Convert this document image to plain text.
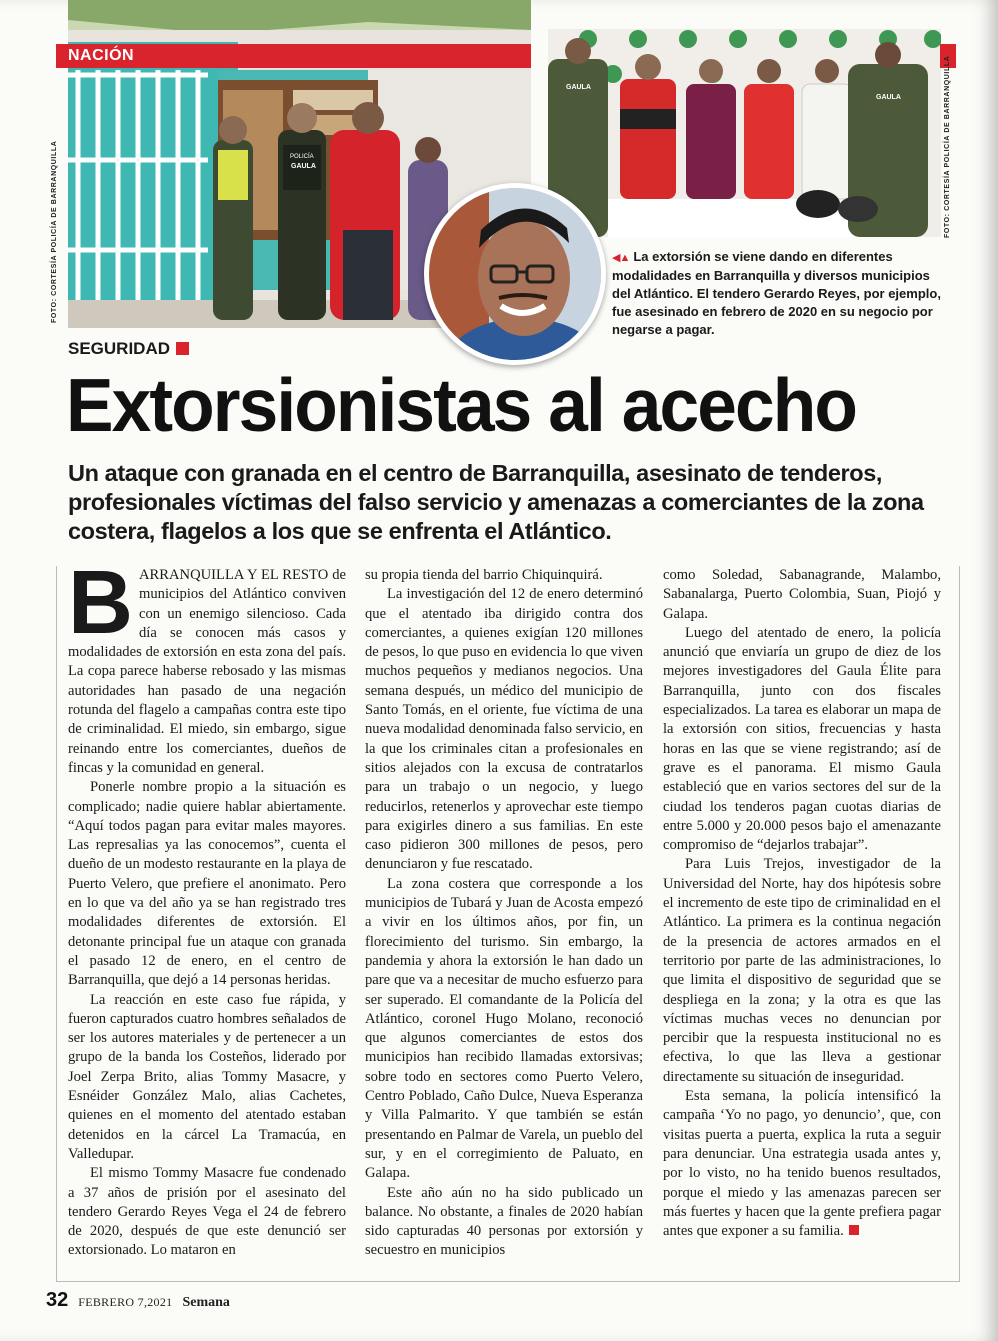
POLICÍA
GAULA
GAULA
GAULA
NACIÓN
FOTO: CORTESÍA POLICÍA DE BARRANQUILLA	FOTO: CORTESÍA POLICÍA DE BARRANQUILLA
◀▲ La extorsión se viene dando en diferentes modalidades en Barranquilla y diversos municipios del Atlántico. El tendero Gerardo Reyes, por ejemplo, fue asesinado en febrero de 2020 en su negocio por negarse a pagar.
SEGURIDAD
Extorsionistas al acecho
Un ataque con granada en el centro de Barranquilla, asesinato de tenderos, profesionales víctimas del falso servicio y amenazas a comerciantes de la zona costera, flagelos a los que se enfrenta el Atlántico.

BARRANQUILLA Y EL RESTO de municipios del Atlántico conviven con un enemigo silencioso. Cada día se conocen más casos y modalidades de extorsión en esta zona del país. La copa parece haberse rebosado y las mismas autoridades han pasado de una negación rotunda del flagelo a campañas contra este tipo de criminalidad. El miedo, sin embargo, sigue reinando entre los comerciantes, dueños de fincas y la comunidad en general.

Ponerle nombre propio a la situación es complicado; nadie quiere hablar abiertamente. “Aquí todos pagan para evitar males mayores. Las represalias ya las conocemos”, cuenta el dueño de un modesto restaurante en la playa de Puerto Velero, que prefiere el anonimato. Pero en lo que va del año ya se han registrado tres modalidades diferentes de extorsión. El detonante principal fue un ataque con granada el pasado 12 de enero, en el centro de Barranquilla, que dejó a 14 personas heridas.

La reacción en este caso fue rápida, y fueron capturados cuatro hombres señalados de ser los autores materiales y de pertenecer a un grupo de la banda los Costeños, liderado por Joel Zerpa Brito, alias Tommy Masacre, y Esnéider González Malo, alias Cachetes, quienes en el momento del atentado estaban detenidos en la cárcel La Tramacúa, en Valledupar.

El mismo Tommy Masacre fue condenado a 37 años de prisión por el asesinato del tendero Gerardo Reyes Vega el 24 de febrero de 2020, después de que este denunció ser extorsionado. Lo mataron en

su propia tienda del barrio Chiquinquirá.

La investigación del 12 de enero determinó que el atentado iba dirigido contra dos comerciantes, a quienes exigían 120 millones de pesos, lo que puso en evidencia lo que viven muchos pequeños y medianos negocios. Una semana después, un médico del municipio de Santo Tomás, en el oriente, fue víctima de una nueva modalidad denominada falso servicio, en la que los criminales citan a profesionales en sitios alejados con la excusa de contratarlos para un trabajo o un negocio, y luego reducirlos, retenerlos y aprovechar este tiempo para exigirles dinero a sus familias. En este caso pidieron 300 millones de pesos, pero denunciaron y fue rescatado.

La zona costera que corresponde a los municipios de Tubará y Juan de Acosta empezó a vivir en los últimos años, por fin, un florecimiento del turismo. Sin embargo, la pandemia y ahora la extorsión le han dado un pare que va a necesitar de mucho esfuerzo para ser superado. El comandante de la Policía del Atlántico, coronel Hugo Molano, reconoció que algunos comerciantes de estos dos municipios han recibido llamadas extorsivas; sobre todo en sectores como Puerto Velero, Centro Poblado, Caño Dulce, Nueva Esperanza y Villa Palmarito. Y que también se están presentando en Palmar de Varela, un pueblo del sur, y en el corregimiento de Paluato, en Galapa.

Este año aún no ha sido publicado un balance. No obstante, a finales de 2020 habían sido capturadas 40 personas por extorsión y secuestro en municipios

como Soledad, Sabanagrande, Malambo, Sabanalarga, Puerto Colombia, Suan, Piojó y Galapa.

Luego del atentado de enero, la policía anunció que enviaría un grupo de diez de los mejores investigadores del Gaula Élite para Barranquilla, junto con dos fiscales especializados. La tarea es elaborar un mapa de la extorsión con sitios, frecuencias y hasta horas en las que se viene registrando; así de grave es el panorama. El mismo Gaula estableció que en varios sectores del sur de la ciudad los tenderos pagan cuotas diarias de entre 5.000 y 20.000 pesos bajo el amenazante compromiso de “dejarlos trabajar”.

Para Luis Trejos, investigador de la Universidad del Norte, hay dos hipótesis sobre el incremento de este tipo de criminalidad en el Atlántico. La primera es la continua negación de la presencia de actores armados en el territorio por parte de las administraciones, lo que limita el dispositivo de seguridad que se despliega en la zona; y la otra es que las víctimas muchas veces no denuncian por percibir que la respuesta institucional no es efectiva, lo que las lleva a gestionar directamente su situación de inseguridad.

Esta semana, la policía intensificó la campaña ‘Yo no pago, yo denuncio’, que, con visitas puerta a puerta, explica la ruta a seguir para denunciar. Una estrategia usada antes y, por lo visto, no ha tenido buenos resultados, porque el miedo y las amenazas parecen ser más fuertes y hacen que la gente prefiera pagar antes que exponer a su familia.

32 FEBRERO 7,2021 Semana
